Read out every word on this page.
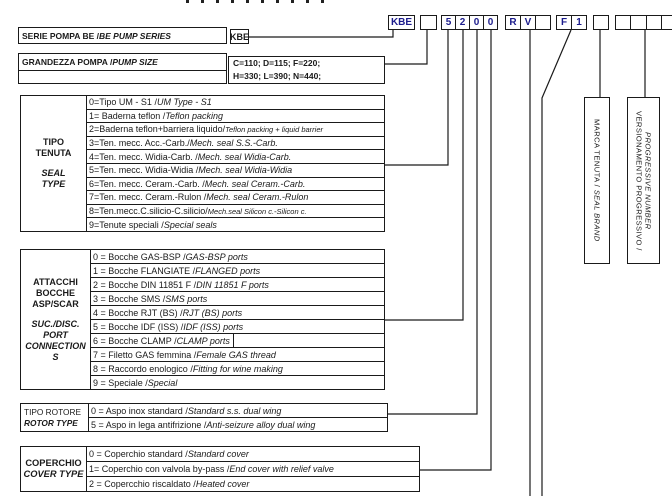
KBE	5 2 0 0	R V	F 1
SERIE POMPA BE / BE PUMP SERIES	KBE
GRANDEZZA POMPA / PUMP SIZE	C=110; D=115; F=220;
H=330; L=390; N=440;
TIPO
TENUTA
SEAL
TYPE
0=Tipo UM - S1 / UM Type - S1
1= Baderna teflon / Teflon packing
2=Baderna teflon+barriera liquido/ Teflon packing + liquid barrier
3=Ten. mecc. Acc.-Carb./ Mech. seal S.S.-Carb.
4=Ten. mecc. Widia-Carb. / Mech. seal Widia-Carb.
5=Ten. mecc. Widia-Widia / Mech. seal Widia-Widia
6=Ten. mecc. Ceram.-Carb. / Mech. seal Ceram.-Carb.
7=Ten. mecc. Ceram.-Rulon / Mech. seal Ceram.-Rulon
8=Ten.mecc.C.silicio-C.silicio/ Mech.seal Silicon c.-Silicon c.
9=Tenute speciali / Special seals
ATTACCHI
BOCCHE
ASP/SCAR
SUC./DISC.
PORT
CONNECTION
S
0 = Bocche GAS-BSP / GAS-BSP ports
1 = Bocche FLANGIATE / FLANGED ports
2 = Bocche DIN 11851 F / DIN 11851 F ports
3 = Bocche SMS / SMS ports
4 = Bocche RJT (BS) / RJT (BS) ports
5 = Bocche IDF (ISS) / IDF (ISS) ports
6 = Bocche CLAMP / CLAMP ports
7 = Filetto GAS femmina / Female GAS thread
8 = Raccordo enologico / Fitting for wine making
9 = Speciale / Special
TIPO ROTORE
ROTOR TYPE
0 = Aspo inox standard / Standard s.s. dual wing
5 = Aspo in lega antifrizione / Anti-seizure alloy dual wing
COPERCHIO
COVER TYPE
0 = Coperchio standard / Standard cover
1= Coperchio con valvola by-pass / End cover with relief valve
2 = Copercchio riscaldato / Heated cover
MARCA TENUTA / SEAL BRAND	VERSIONAMENTO PROGRESSIVO / PROGRESSIVE NUMBER
